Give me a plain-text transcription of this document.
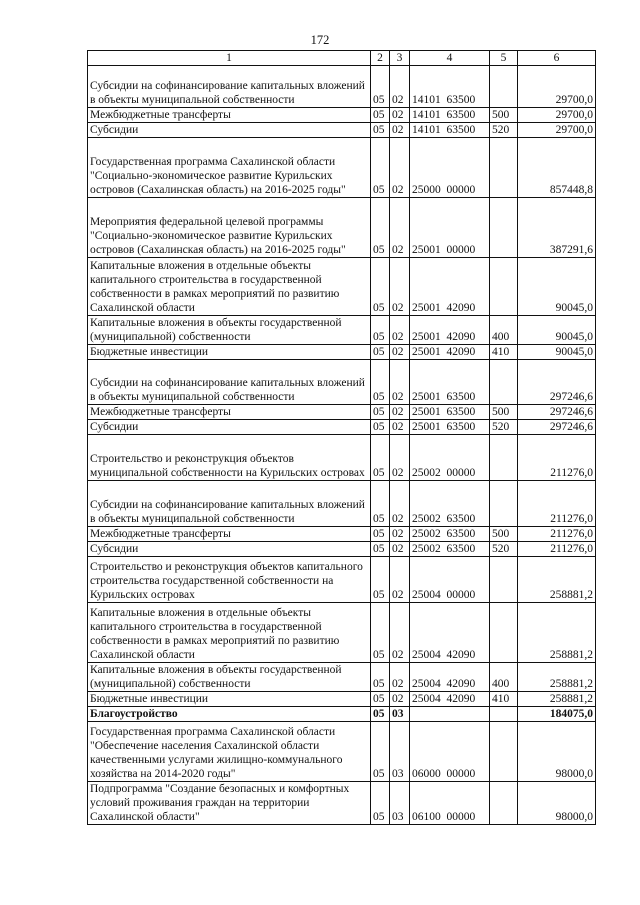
172
1	2	3	4	5	6
Субсидии на софинансирование капитальных вложений в объекты муниципальной собственности	05	02	14101  63500		29700,0
Межбюджетные трансферты	05	02	14101  63500	500	29700,0
Субсидии	05	02	14101  63500	520	29700,0
Государственная программа Сахалинской области "Социально-экономическое развитие Курильских островов (Сахалинская область) на 2016-2025 годы"	05	02	25000  00000		857448,8
Мероприятия федеральной целевой программы "Социально-экономическое развитие Курильских островов (Сахалинская область) на 2016-2025 годы"	05	02	25001  00000		387291,6
Капитальные вложения в отдельные объекты капитального строительства в государственной собственности в рамках мероприятий по развитию Сахалинской области	05	02	25001  42090		90045,0
Капитальные вложения в объекты государственной (муниципальной) собственности	05	02	25001  42090	400	90045,0
Бюджетные инвестиции	05	02	25001  42090	410	90045,0
Субсидии на софинансирование капитальных вложений в объекты муниципальной собственности	05	02	25001  63500		297246,6
Межбюджетные трансферты	05	02	25001  63500	500	297246,6
Субсидии	05	02	25001  63500	520	297246,6
Строительство и реконструкция объектов муниципальной собственности на Курильских островах	05	02	25002  00000		211276,0
Субсидии на софинансирование капитальных вложений в объекты муниципальной собственности	05	02	25002  63500		211276,0
Межбюджетные трансферты	05	02	25002  63500	500	211276,0
Субсидии	05	02	25002  63500	520	211276,0
Строительство и реконструкция объектов капитального строительства государственной собственности на Курильских островах	05	02	25004  00000		258881,2
Капитальные вложения в отдельные объекты капитального строительства в государственной собственности в рамках мероприятий по развитию Сахалинской области	05	02	25004  42090		258881,2
Капитальные вложения в объекты государственной (муниципальной) собственности	05	02	25004  42090	400	258881,2
Бюджетные инвестиции	05	02	25004  42090	410	258881,2
Благоустройство	05	03			184075,0
Государственная программа Сахалинской области "Обеспечение населения Сахалинской области качественными услугами жилищно-коммунального хозяйства на 2014-2020 годы"	05	03	06000  00000		98000,0
Подпрограмма "Создание безопасных и комфортных условий проживания граждан на территории Сахалинской области"	05	03	06100  00000		98000,0
